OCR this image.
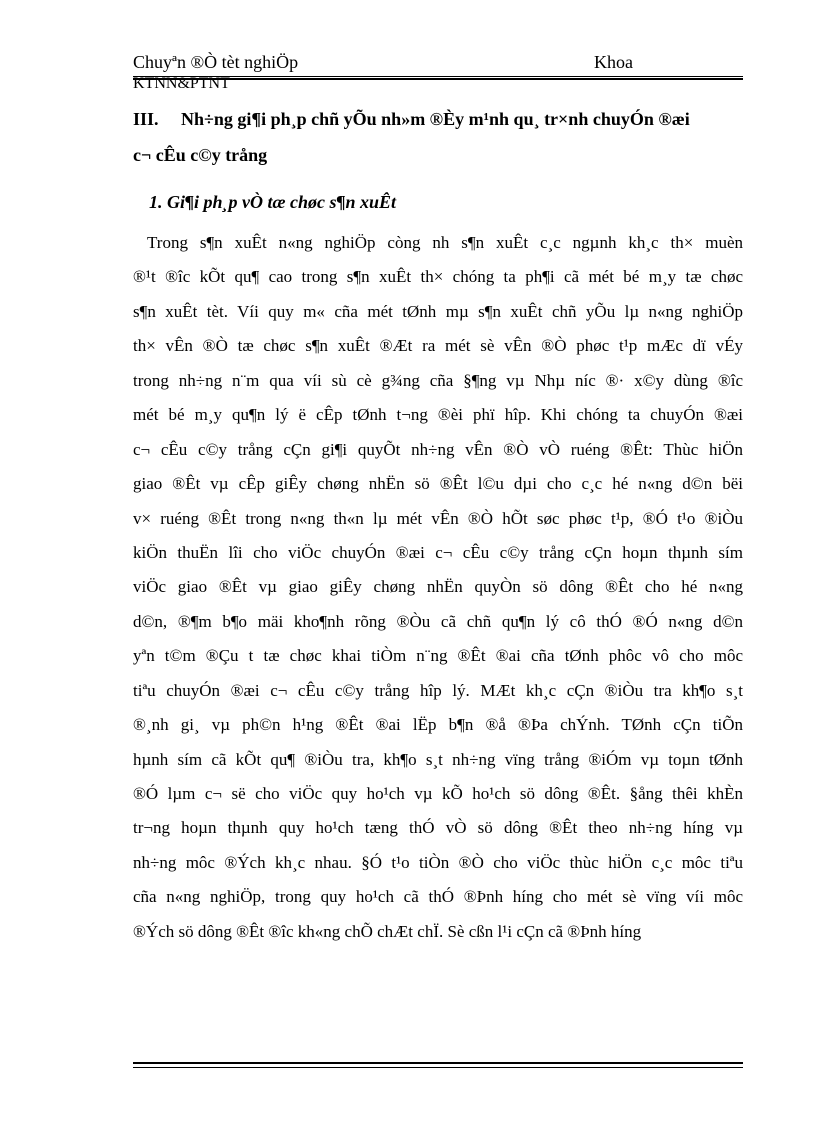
Chuyªn ®Ò tèt nghiÖp	Khoa
KTNN&PTNT
III. Nh÷ng gi¶i ph¸p chñ yÕu nh»m ®Èy m¹nh qu¸ tr×nh chuyÓn ®æi
c¬ cÊu c©y trång
1. Gi¶i ph¸p vÒ tæ chøc s¶n xuÊt
Trong s¶n xuÊt n«ng nghiÖp còng nh s¶n xuÊt c¸c ngµnh kh¸c th× muèn
®¹t ®îc kÕt qu¶ cao trong s¶n xuÊt th× chóng ta ph¶i cã mét bé m¸y tæ chøc
s¶n xuÊt tèt. Víi quy m« cña mét tØnh mµ s¶n xuÊt chñ yÕu lµ n«ng nghiÖp
th× vÊn ®Ò tæ chøc s¶n xuÊt ®Æt ra mét sè vÊn ®Ò phøc t¹p mÆc dï vÉy
trong nh÷ng n¨m qua víi sù cè g¾ng cña §¶ng vµ Nhµ níc ®· x©y dùng ®îc
mét bé m¸y qu¶n lý ë cÊp tØnh t¬ng ®èi phï hîp. Khi chóng ta chuyÓn ®æi
c¬ cÊu c©y trång cÇn gi¶i quyÕt nh÷ng vÊn ®Ò vÒ ruéng ®Êt: Thùc hiÖn
giao ®Êt vµ cÊp giÊy chøng nhËn sö ®Êt l©u dµi cho c¸c hé n«ng d©n bëi
v× ruéng ®Êt trong n«ng th«n lµ mét vÊn ®Ò hÕt søc phøc t¹p, ®Ó t¹o ®iÒu
kiÖn thuËn lîi cho viÖc chuyÓn ®æi c¬ cÊu c©y trång cÇn hoµn thµnh sím
viÖc giao ®Êt vµ giao giÊy chøng nhËn quyÒn sö dông ®Êt cho hé n«ng
d©n, ®¶m b¶o mäi kho¶nh rõng ®Òu cã chñ qu¶n lý cô thÓ ®Ó n«ng d©n
yªn t©m ®Çu t tæ chøc khai tiÒm n¨ng ®Êt ®ai cña tØnh phôc vô cho môc
tiªu chuyÓn ®æi c¬ cÊu c©y trång hîp lý. MÆt kh¸c cÇn ®iÒu tra kh¶o s¸t
®¸nh gi¸ vµ ph©n h¹ng ®Êt ®ai lËp b¶n ®å ®Þa chÝnh. TØnh cÇn tiÕn
hµnh sím cã kÕt qu¶ ®iÒu tra, kh¶o s¸t nh÷ng vïng trång ®iÓm vµ toµn tØnh
®Ó lµm c¬ së cho viÖc quy ho¹ch vµ kÕ ho¹ch sö dông ®Êt. §ång thêi khÈn
tr¬ng hoµn thµnh quy ho¹ch tæng thÓ vÒ sö dông ®Êt theo nh÷ng híng vµ
nh÷ng môc ®Ých kh¸c nhau. §Ó t¹o tiÒn ®Ò cho viÖc thùc hiÖn c¸c môc tiªu
cña n«ng nghiÖp, trong quy ho¹ch cã thÓ ®Þnh híng cho mét sè vïng víi môc
®Ých sö dông ®Êt ®îc kh«ng chÕ chÆt chÏ. Sè cßn l¹i cÇn cã ®Þnh híng
